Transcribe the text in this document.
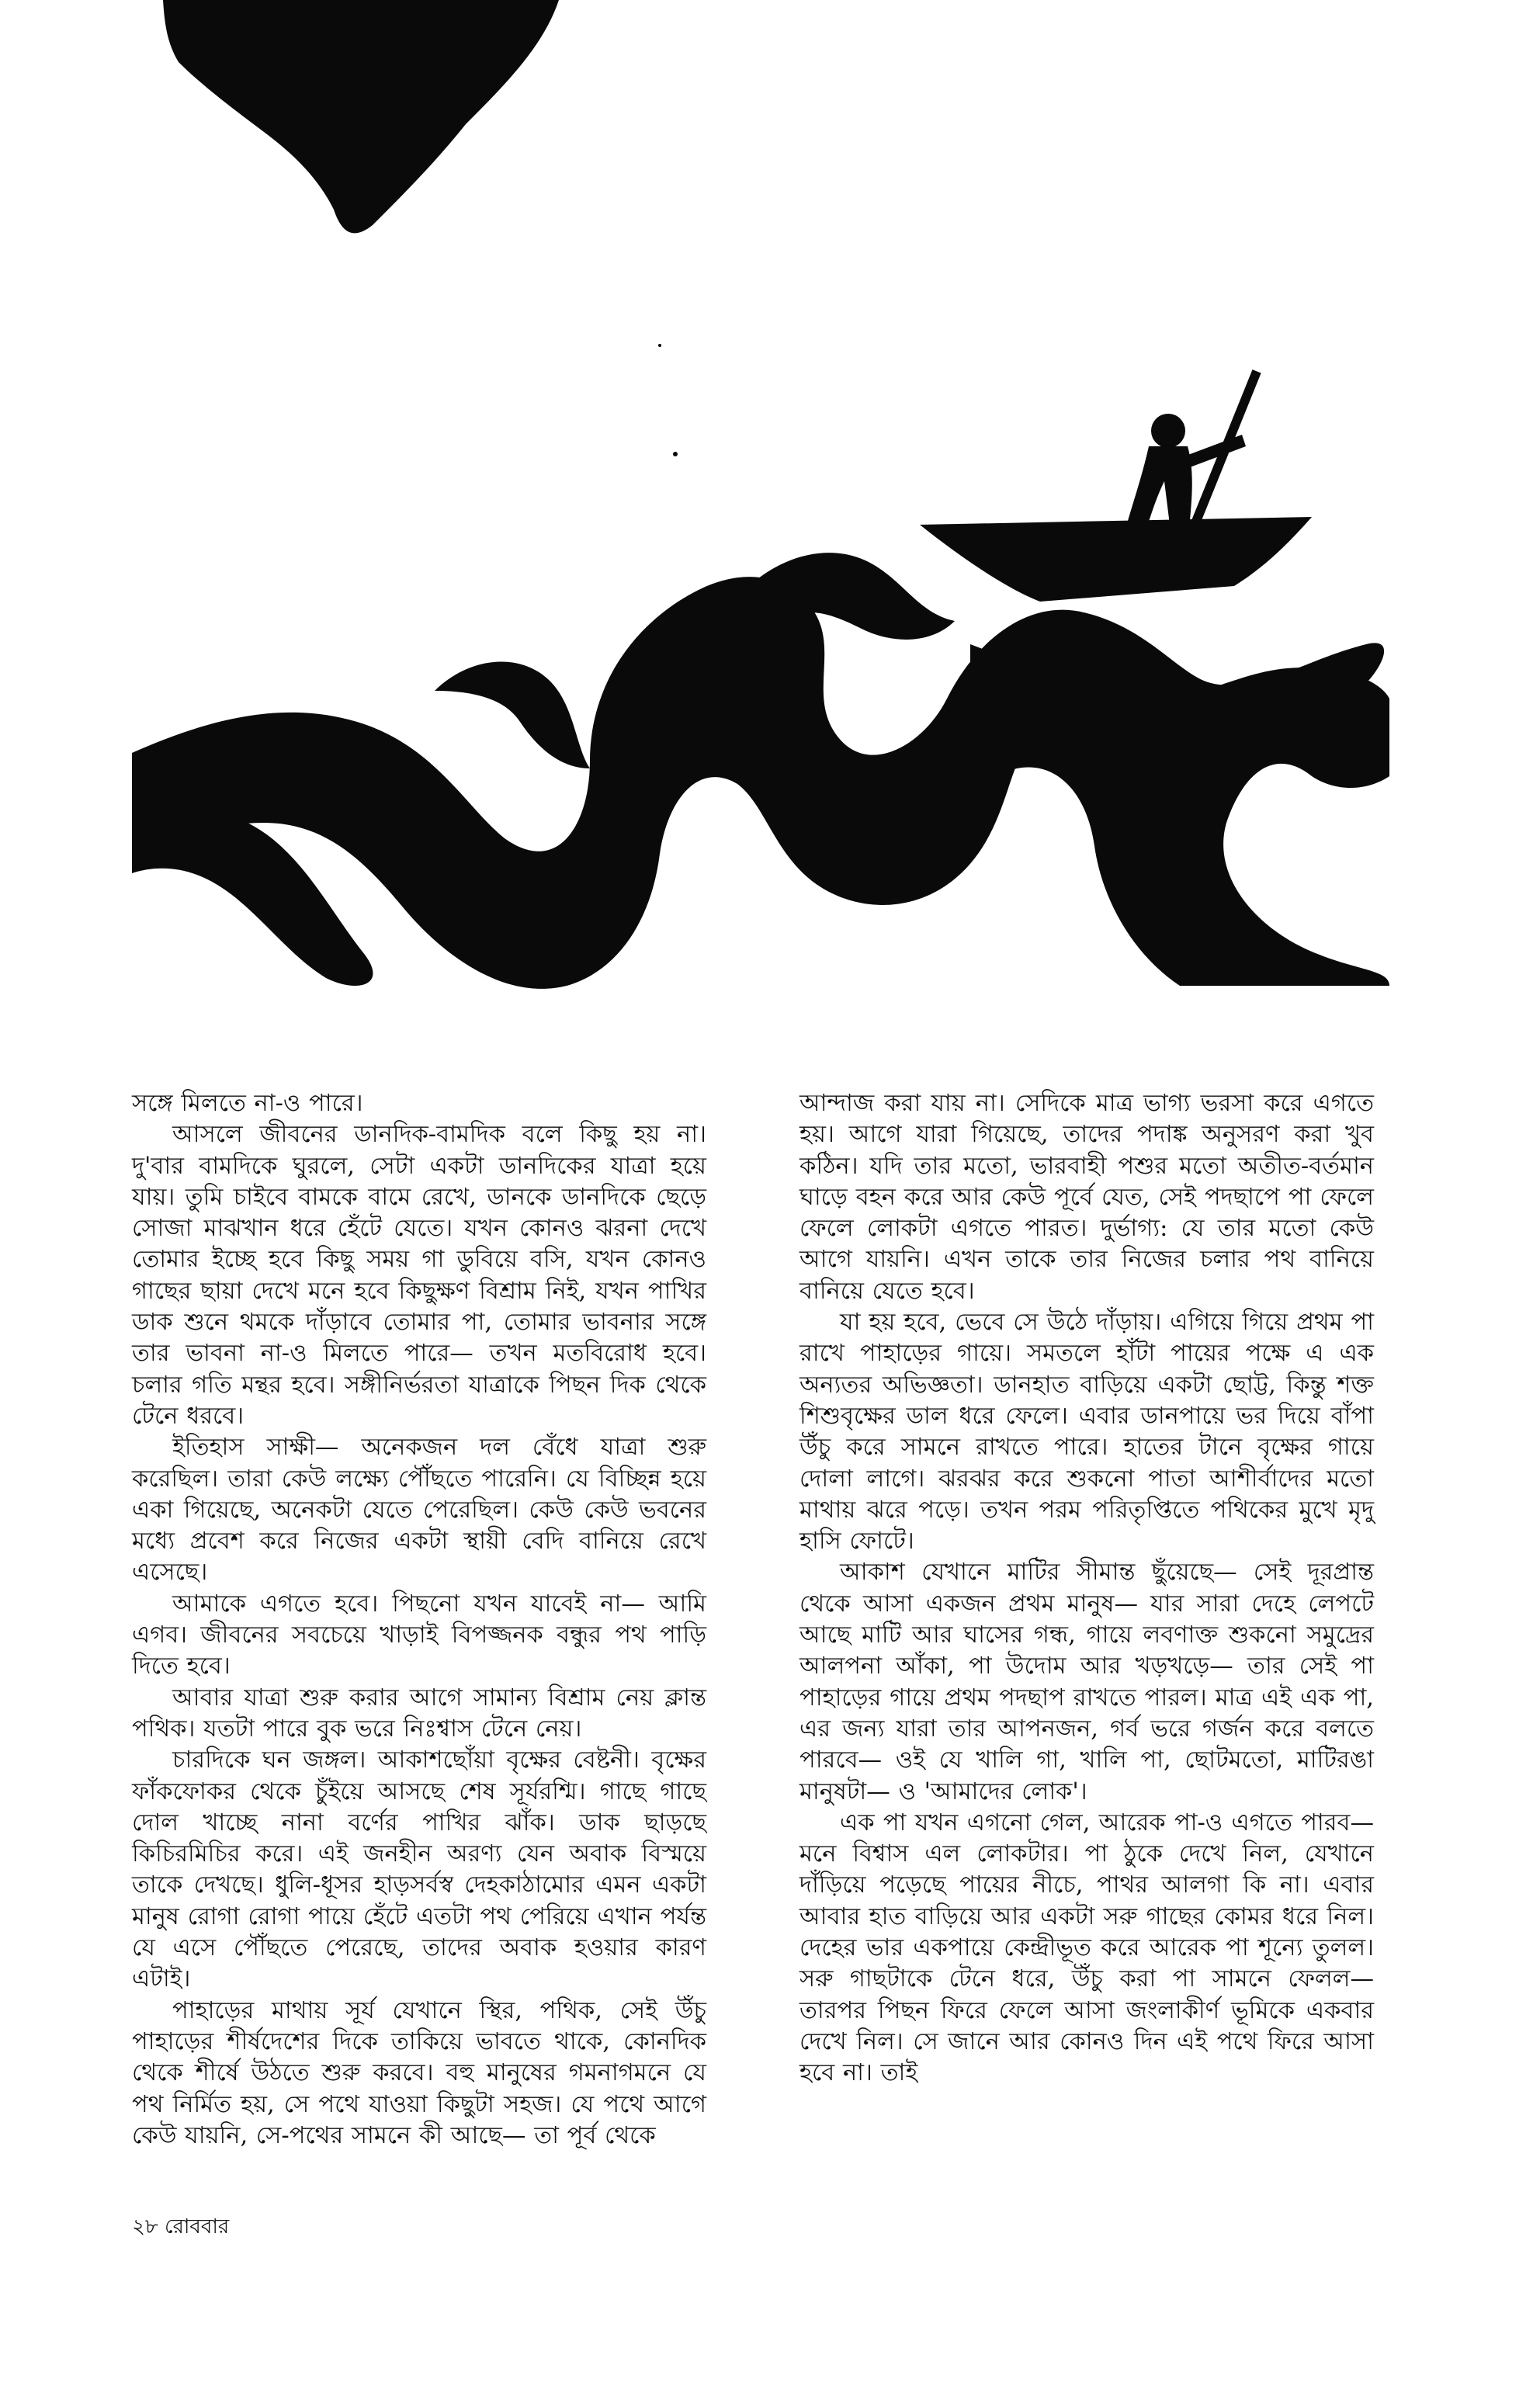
সঙ্গে মিলতে না-ও পারে।

আসলে জীবনের ডানদিক-বামদিক বলে কিছু হয় না। দু'বার বামদিকে ঘুরলে, সেটা একটা ডানদিকের যাত্রা হয়ে যায়। তুমি চাইবে বামকে বামে রেখে, ডানকে ডানদিকে ছেড়ে সোজা মাঝখান ধরে হেঁটে যেতে। যখন কোনও ঝরনা দেখে তোমার ইচ্ছে হবে কিছু সময় গা ডুবিয়ে বসি, যখন কোনও গাছের ছায়া দেখে মনে হবে কিছুক্ষণ বিশ্রাম নিই, যখন পাখির ডাক শুনে থমকে দাঁড়াবে তোমার পা, তোমার ভাবনার সঙ্গে তার ভাবনা না-ও মিলতে পারে— তখন মতবিরোধ হবে। চলার গতি মন্থর হবে। সঙ্গীনির্ভরতা যাত্রাকে পিছন দিক থেকে টেনে ধরবে।

ইতিহাস সাক্ষী— অনেকজন দল বেঁধে যাত্রা শুরু করেছিল। তারা কেউ লক্ষ্যে পৌঁছতে পারেনি। যে বিচ্ছিন্ন হয়ে একা গিয়েছে, অনেকটা যেতে পেরেছিল। কেউ কেউ ভবনের মধ্যে প্রবেশ করে নিজের একটা স্থায়ী বেদি বানিয়ে রেখে এসেছে।

আমাকে এগতে হবে। পিছনো যখন যাবেই না— আমি এগব। জীবনের সবচেয়ে খাড়াই বিপজ্জনক বন্ধুর পথ পাড়ি দিতে হবে।

আবার যাত্রা শুরু করার আগে সামান্য বিশ্রাম নেয় ক্লান্ত পথিক। যতটা পারে বুক ভরে নিঃশ্বাস টেনে নেয়।

চারদিকে ঘন জঙ্গল। আকাশছোঁয়া বৃক্ষের বেষ্টনী। বৃক্ষের ফাঁকফোকর থেকে চুঁইয়ে আসছে শেষ সূর্যরশ্মি। গাছে গাছে দোল খাচ্ছে নানা বর্ণের পাখির ঝাঁক। ডাক ছাড়ছে কিচিরমিচির করে। এই জনহীন অরণ্য যেন অবাক বিস্ময়ে তাকে দেখছে। ধুলি-ধূসর হাড়সর্বস্ব দেহকাঠামোর এমন একটা মানুষ রোগা রোগা পায়ে হেঁটে এতটা পথ পেরিয়ে এখান পর্যন্ত যে এসে পৌঁছতে পেরেছে, তাদের অবাক হওয়ার কারণ এটাই।

পাহাড়ের মাথায় সূর্য যেখানে স্থির, পথিক, সেই উঁচু পাহাড়ের শীর্ষদেশের দিকে তাকিয়ে ভাবতে থাকে, কোনদিক থেকে শীর্ষে উঠতে শুরু করবে। বহু মানুষের গমনাগমনে যে পথ নির্মিত হয়, সে পথে যাওয়া কিছুটা সহজ। যে পথে আগে কেউ যায়নি, সে-পথের সামনে কী আছে— তা পূর্ব থেকে

আন্দাজ করা যায় না। সেদিকে মাত্র ভাগ্য ভরসা করে এগতে হয়। আগে যারা গিয়েছে, তাদের পদাঙ্ক অনুসরণ করা খুব কঠিন। যদি তার মতো, ভারবাহী পশুর মতো অতীত-বর্তমান ঘাড়ে বহন করে আর কেউ পূর্বে যেত, সেই পদছাপে পা ফেলে ফেলে লোকটা এগতে পারত। দুর্ভাগ্য: যে তার মতো কেউ আগে যায়নি। এখন তাকে তার নিজের চলার পথ বানিয়ে বানিয়ে যেতে হবে।

যা হয় হবে, ভেবে সে উঠে দাঁড়ায়। এগিয়ে গিয়ে প্রথম পা রাখে পাহাড়ের গায়ে। সমতলে হাঁটা পায়ের পক্ষে এ এক অন্যতর অভিজ্ঞতা। ডানহাত বাড়িয়ে একটা ছোট্ট, কিন্তু শক্ত শিশুবৃক্ষের ডাল ধরে ফেলে। এবার ডানপায়ে ভর দিয়ে বাঁপা উঁচু করে সামনে রাখতে পারে। হাতের টানে বৃক্ষের গায়ে দোলা লাগে। ঝরঝর করে শুকনো পাতা আশীর্বাদের মতো মাথায় ঝরে পড়ে। তখন পরম পরিতৃপ্তিতে পথিকের মুখে মৃদু হাসি ফোটে।

আকাশ যেখানে মাটির সীমান্ত ছুঁয়েছে— সেই দূরপ্রান্ত থেকে আসা একজন প্রথম মানুষ— যার সারা দেহে লেপটে আছে মাটি আর ঘাসের গন্ধ, গায়ে লবণাক্ত শুকনো সমুদ্রের আলপনা আঁকা, পা উদোম আর খড়খড়ে— তার সেই পা পাহাড়ের গায়ে প্রথম পদছাপ রাখতে পারল। মাত্র এই এক পা, এর জন্য যারা তার আপনজন, গর্ব ভরে গর্জন করে বলতে পারবে— ওই যে খালি গা, খালি পা, ছোটমতো, মাটিরঙা মানুষটা— ও 'আমাদের লোক'।

এক পা যখন এগনো গেল, আরেক পা-ও এগতে পারব— মনে বিশ্বাস এল লোকটার। পা ঠুকে দেখে নিল, যেখানে দাঁড়িয়ে পড়েছে পায়ের নীচে, পাথর আলগা কি না। এবার আবার হাত বাড়িয়ে আর একটা সরু গাছের কোমর ধরে নিল। দেহের ভার একপায়ে কেন্দ্রীভূত করে আরেক পা শূন্যে তুলল। সরু গাছটাকে টেনে ধরে, উঁচু করা পা সামনে ফেলল— তারপর পিছন ফিরে ফেলে আসা জংলাকীর্ণ ভূমিকে একবার দেখে নিল। সে জানে আর কোনও দিন এই পথে ফিরে আসা হবে না। তাই

২৮ রোববার
